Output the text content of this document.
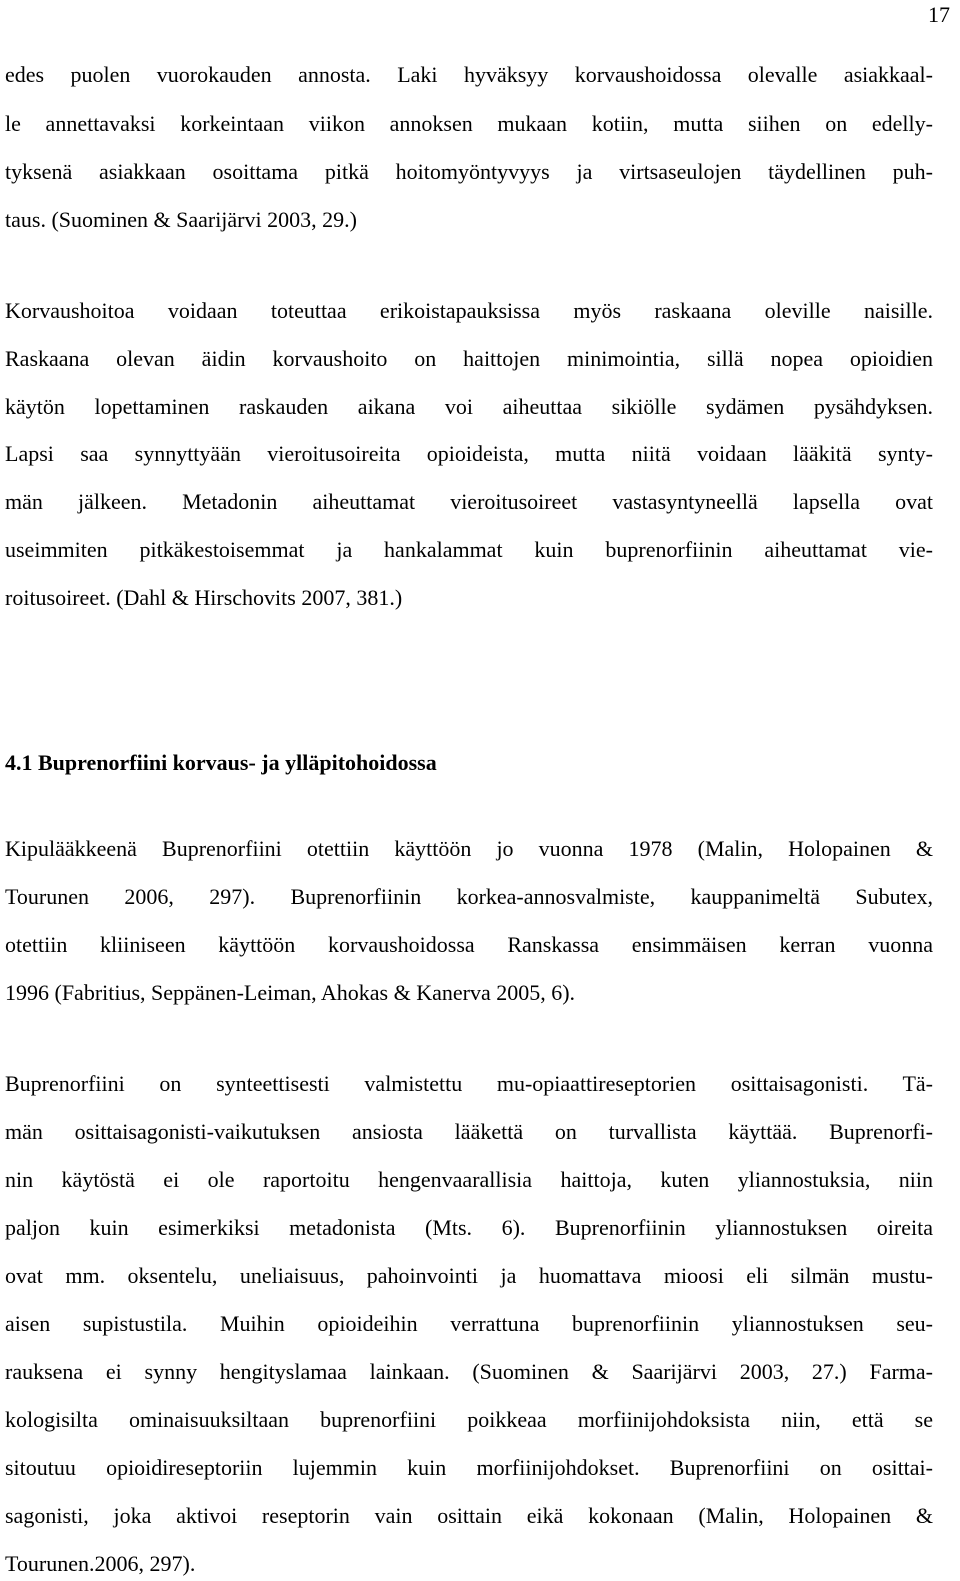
17
edes puolen vuorokauden annosta. Laki hyväksyy korvaushoidossa olevalle asiakkaal-
le annettavaksi korkeintaan viikon annoksen mukaan kotiin, mutta siihen on edelly-
tyksenä asiakkaan osoittama pitkä hoitomyöntyvyys ja virtsaseulojen täydellinen puh-
taus. (Suominen & Saarijärvi 2003, 29.)
Korvaushoitoa voidaan toteuttaa erikoistapauksissa myös raskaana oleville naisille.
Raskaana olevan äidin korvaushoito on haittojen minimointia, sillä nopea opioidien
käytön lopettaminen raskauden aikana voi aiheuttaa sikiölle sydämen pysähdyksen.
Lapsi saa synnyttyään vieroitusoireita opioideista, mutta niitä voidaan lääkitä synty-
män jälkeen. Metadonin aiheuttamat vieroitusoireet vastasyntyneellä lapsella ovat
useimmiten pitkäkestoisemmat ja hankalammat kuin buprenorfiinin aiheuttamat vie-
roitusoireet. (Dahl & Hirschovits 2007, 381.)
4.1 Buprenorfiini korvaus- ja ylläpitohoidossa
Kipulääkkeenä Buprenorfiini otettiin käyttöön jo vuonna 1978 (Malin, Holopainen &
Tourunen 2006, 297). Buprenorfiinin korkea-annosvalmiste, kauppanimeltä Subutex,
otettiin kliiniseen käyttöön korvaushoidossa Ranskassa ensimmäisen kerran vuonna
1996 (Fabritius, Seppänen-Leiman, Ahokas & Kanerva 2005, 6).
Buprenorfiini on synteettisesti valmistettu mu-opiaattireseptorien osittaisagonisti. Tä-
män osittaisagonisti-vaikutuksen ansiosta lääkettä on turvallista käyttää. Buprenorfi-
nin käytöstä ei ole raportoitu hengenvaarallisia haittoja, kuten yliannostuksia, niin
paljon kuin esimerkiksi metadonista (Mts. 6). Buprenorfiinin yliannostuksen oireita
ovat mm. oksentelu, uneliaisuus, pahoinvointi ja huomattava mioosi eli silmän mustu-
aisen supistustila. Muihin opioideihin verrattuna buprenorfiinin yliannostuksen seu-
rauksena ei synny hengityslamaa lainkaan. (Suominen & Saarijärvi 2003, 27.) Farma-
kologisilta ominaisuuksiltaan buprenorfiini poikkeaa morfiinijohdoksista niin, että se
sitoutuu opioidireseptoriin lujemmin kuin morfiinijohdokset. Buprenorfiini on osittai-
sagonisti, joka aktivoi reseptorin vain osittain eikä kokonaan (Malin, Holopainen &
Tourunen.2006, 297).
